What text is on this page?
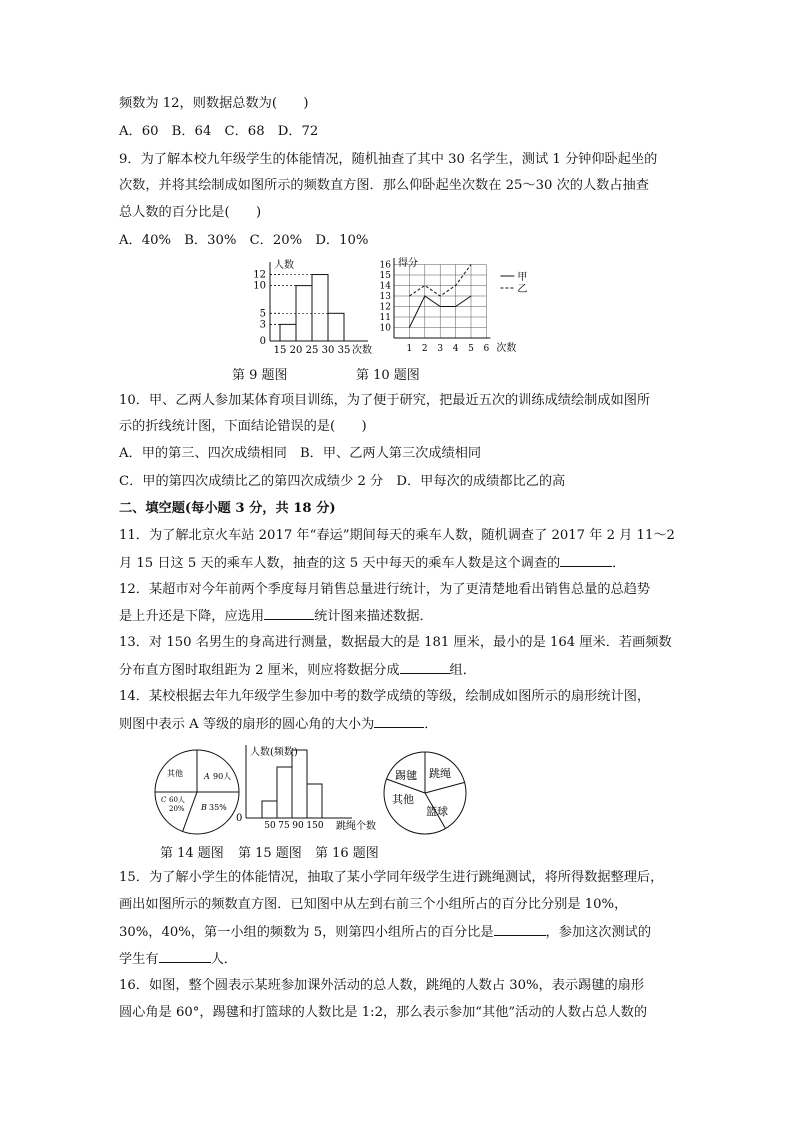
频数为 12，则数据总数为(　　)
A．60　B．64　C．68　D．72
9．为了解本校九年级学生的体能情况，随机抽查了其中 30 名学生，测试 1 分钟仰卧起坐的
次数，并将其绘制成如图所示的频数直方图．那么仰卧起坐次数在 25～30 次的人数占抽查
总人数的百分比是(　　)
A．40%　B．30%　C．20%　D．10%
人数
次数
0
3
5
10
12
15 20 25 30 35
得分
次数
10
11
12
13
14
15
16
1 2 3 4 5 6
甲
乙
第 9 题图	第 10 题图
10．甲、乙两人参加某体育项目训练，为了便于研究，把最近五次的训练成绩绘制成如图所
示的折线统计图，下面结论错误的是(　　)
A．甲的第三、四次成绩相同　B．甲、乙两人第三次成绩相同
C．甲的第四次成绩比乙的第四次成绩少 2 分　D．甲每次的成绩都比乙的高
二、填空题(每小题 3 分，共 18 分)
11．为了解北京火车站 2017 年“春运”期间每天的乘车人数，随机调查了 2017 年 2 月 11～2
月 15 日这 5 天的乘车人数，抽查的这 5 天中每天的乘车人数是这个调查的	．
12．某超市对今年前两个季度每月销售总量进行统计，为了更清楚地看出销售总量的总趋势
是上升还是下降，应选用	统计图来描述数据．
13．对 150 名男生的身高进行测量，数据最大的是 181 厘米，最小的是 164 厘米．若画频数
分布直方图时取组距为 2 厘米，则应将数据分成	组．
14．某校根据去年九年级学生参加中考的数学成绩的等级，绘制成如图所示的扇形统计图，
则图中表示 A 等级的扇形的圆心角的大小为	．
其他	A 90人
C 60人
20% B 35%
人数(频数)
0
跳绳个数
50 75 90 150
踢毽 跳绳
其他
篮球
第 14 题图 第 15 题图 第 16 题图
15．为了解小学生的体能情况，抽取了某小学同年级学生进行跳绳测试，将所得数据整理后，
画出如图所示的频数直方图．已知图中从左到右前三个小组所占的百分比分别是 10%，
30%，40%，第一小组的频数为 5，则第四小组所占的百分比是	，参加这次测试的
学生有	人．
16．如图，整个圆表示某班参加课外活动的总人数，跳绳的人数占 30%，表示踢毽的扇形
圆心角是 60°，踢毽和打篮球的人数比是 1:2，那么表示参加“其他”活动的人数占总人数的
